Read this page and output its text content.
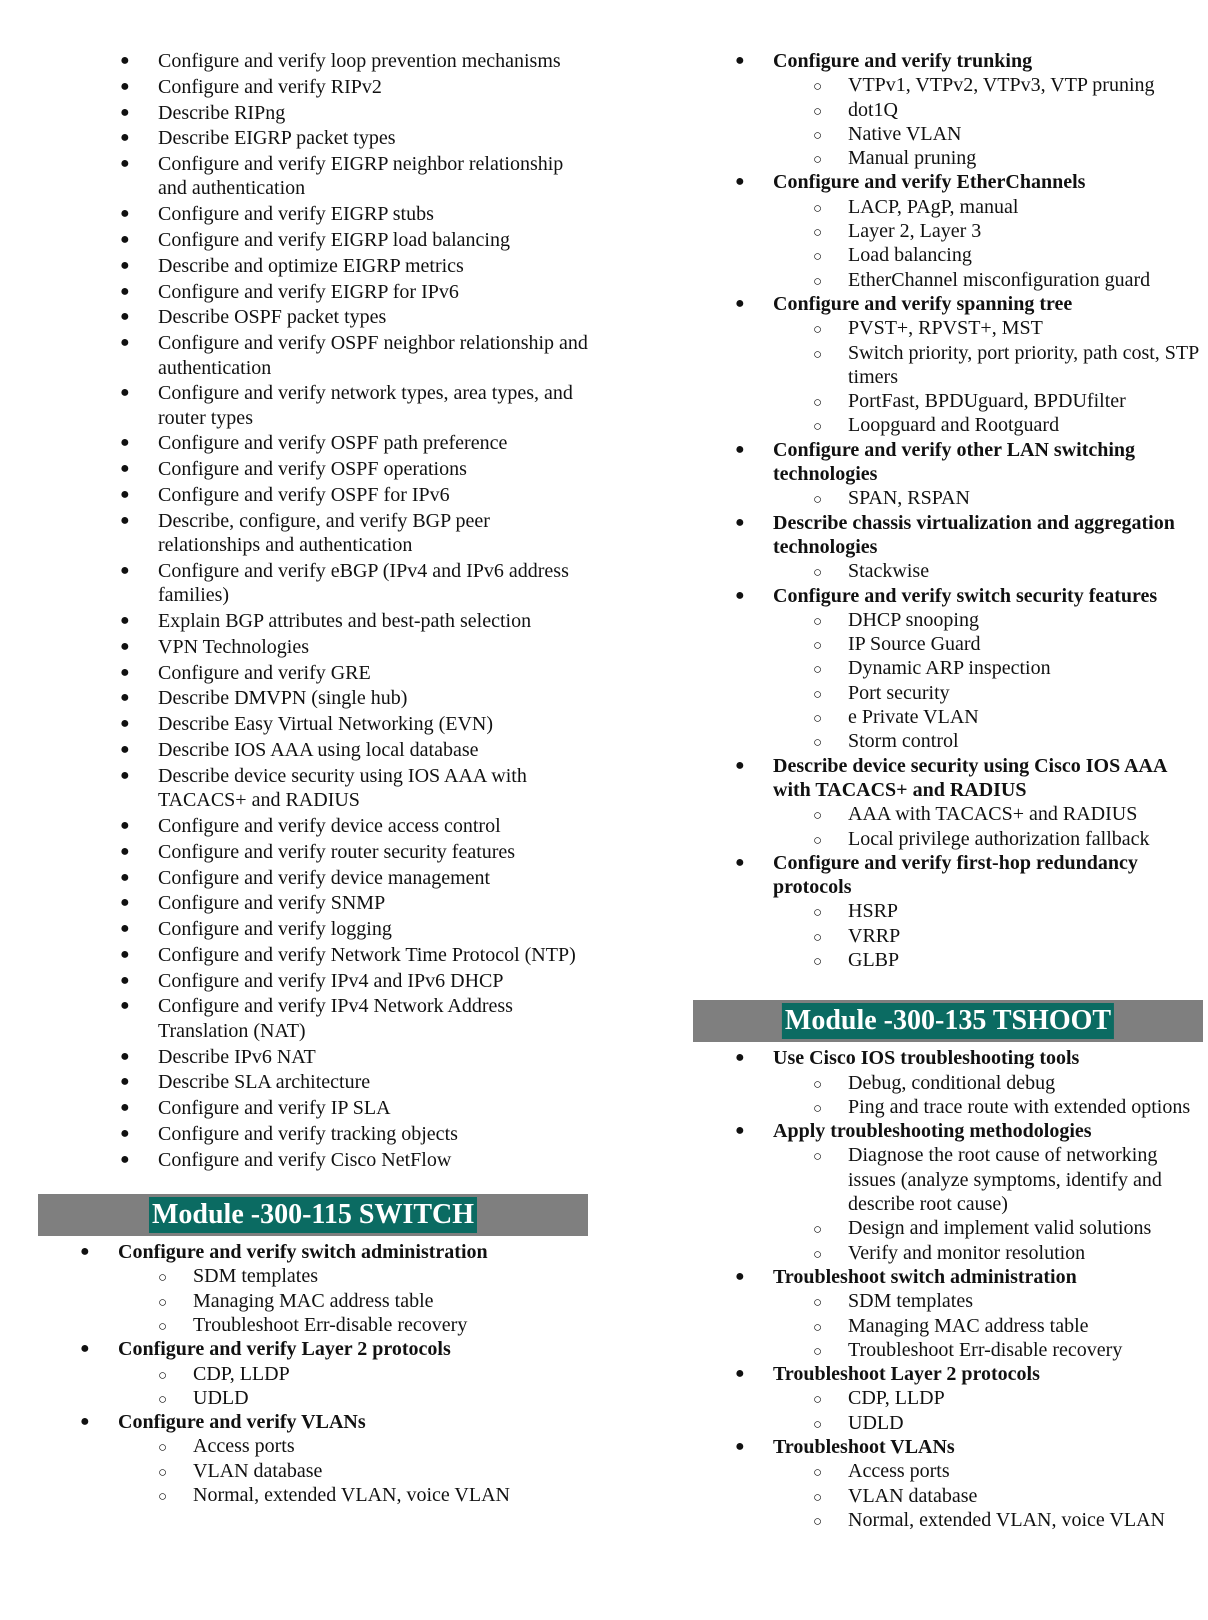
● Configure and verify loop prevention mechanisms
● Configure and verify RIPv2
● Describe RIPng
● Describe EIGRP packet types
● Configure and verify EIGRP neighbor relationship and authentication
● Configure and verify EIGRP stubs
● Configure and verify EIGRP load balancing
● Describe and optimize EIGRP metrics
● Configure and verify EIGRP for IPv6
● Describe OSPF packet types
● Configure and verify OSPF neighbor relationship and authentication
● Configure and verify network types, area types, and router types
● Configure and verify OSPF path preference
● Configure and verify OSPF operations
● Configure and verify OSPF for IPv6
● Describe, configure, and verify BGP peer relationships and authentication
● Configure and verify eBGP (IPv4 and IPv6 address families)
● Explain BGP attributes and best-path selection
● VPN Technologies
● Configure and verify GRE
● Describe DMVPN (single hub)
● Describe Easy Virtual Networking (EVN)
● Describe IOS AAA using local database
● Describe device security using IOS AAA with TACACS+ and RADIUS
● Configure and verify device access control
● Configure and verify router security features
● Configure and verify device management
● Configure and verify SNMP
● Configure and verify logging
● Configure and verify Network Time Protocol (NTP)
● Configure and verify IPv4 and IPv6 DHCP
● Configure and verify IPv4 Network Address Translation (NAT)
● Describe IPv6 NAT
● Describe SLA architecture
● Configure and verify IP SLA
● Configure and verify tracking objects
● Configure and verify Cisco NetFlow
Module -300-115 SWITCH
● Configure and verify switch administration
○ SDM templates
○ Managing MAC address table
○ Troubleshoot Err-disable recovery
● Configure and verify Layer 2 protocols
○ CDP, LLDP
○ UDLD
● Configure and verify VLANs
○ Access ports
○ VLAN database
○ Normal, extended VLAN, voice VLAN
● Configure and verify trunking
○ VTPv1, VTPv2, VTPv3, VTP pruning
○ dot1Q
○ Native VLAN
○ Manual pruning
● Configure and verify EtherChannels
○ LACP, PAgP, manual
○ Layer 2, Layer 3
○ Load balancing
○ EtherChannel misconfiguration guard
● Configure and verify spanning tree
○ PVST+, RPVST+, MST
○ Switch priority, port priority, path cost, STP timers
○ PortFast, BPDUguard, BPDUfilter
○ Loopguard and Rootguard
● Configure and verify other LAN switching technologies
○ SPAN, RSPAN
● Describe chassis virtualization and aggregation technologies
○ Stackwise
● Configure and verify switch security features
○ DHCP snooping
○ IP Source Guard
○ Dynamic ARP inspection
○ Port security
○ e Private VLAN
○ Storm control
● Describe device security using Cisco IOS AAA with TACACS+ and RADIUS
○ AAA with TACACS+ and RADIUS
○ Local privilege authorization fallback
● Configure and verify first-hop redundancy protocols
○ HSRP
○ VRRP
○ GLBP
Module -300-135 TSHOOT
● Use Cisco IOS troubleshooting tools
○ Debug, conditional debug
○ Ping and trace route with extended options
● Apply troubleshooting methodologies
○ Diagnose the root cause of networking issues (analyze symptoms, identify and describe root cause)
○ Design and implement valid solutions
○ Verify and monitor resolution
● Troubleshoot switch administration
○ SDM templates
○ Managing MAC address table
○ Troubleshoot Err-disable recovery
● Troubleshoot Layer 2 protocols
○ CDP, LLDP
○ UDLD
● Troubleshoot VLANs
○ Access ports
○ VLAN database
○ Normal, extended VLAN, voice VLAN
